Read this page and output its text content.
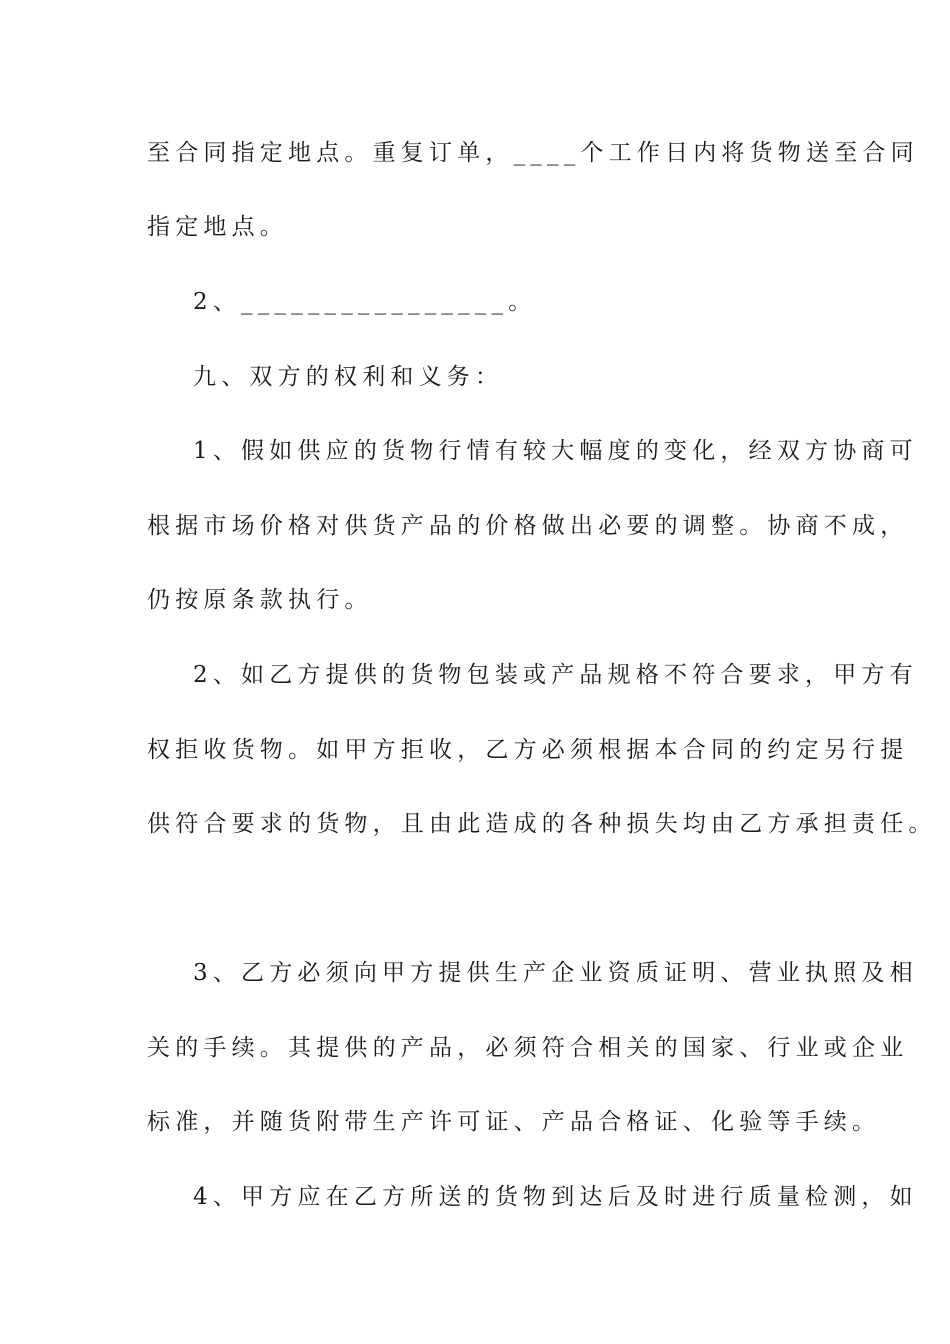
至合同指定地点。重复订单，____个工作日内将货物送至合同
指定地点。
2、________________。
九、双方的权利和义务：
1、假如供应的货物行情有较大幅度的变化，经双方协商可
根据市场价格对供货产品的价格做出必要的调整。协商不成，
仍按原条款执行。
2、如乙方提供的货物包装或产品规格不符合要求，甲方有
权拒收货物。如甲方拒收，乙方必须根据本合同的约定另行提
供符合要求的货物，且由此造成的各种损失均由乙方承担责任。
3、乙方必须向甲方提供生产企业资质证明、营业执照及相
关的手续。其提供的产品，必须符合相关的国家、行业或企业
标准，并随货附带生产许可证、产品合格证、化验等手续。
4、甲方应在乙方所送的货物到达后及时进行质量检测，如
